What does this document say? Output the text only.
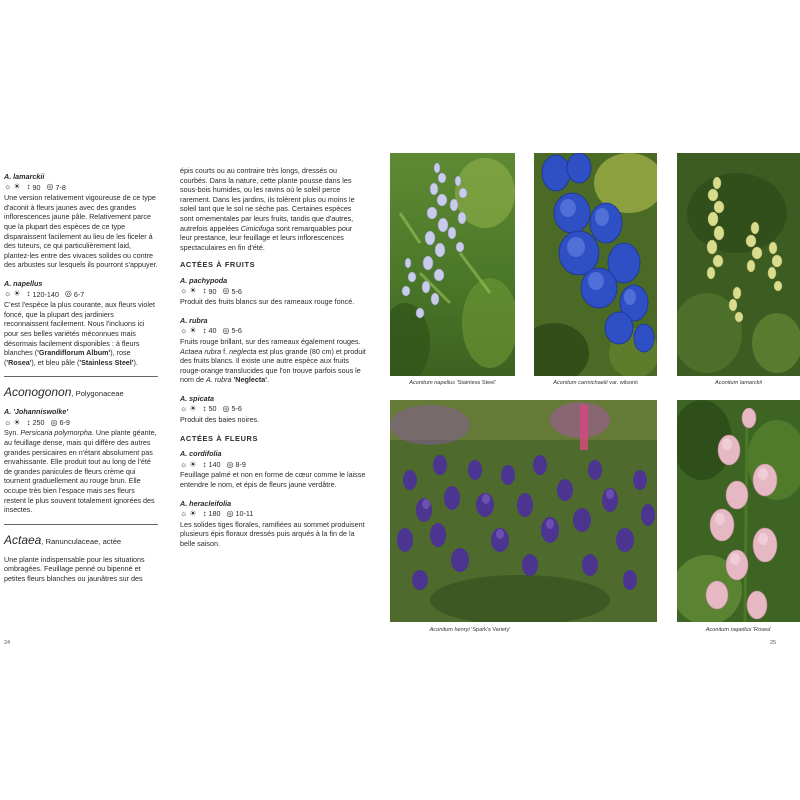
A. lamarckii
☼ ☀ ↕ 90 ◎ 7-8
Une version relativement vigoureuse de ce type d'aconit à fleurs jaunes avec des grandes inflorescences jaune pâle. Relativement parce que la plupart des espèces de ce type disparaissent facilement au lieu de les ficeler à des tuteurs, ce qui particulièrement laid, plantez-les entre des vivaces solides ou contre des arbustes sur lesquels ils pourront s'appuyer.
A. napellus
☼ ☀ ↕ 120-140 ◎ 6-7
C'est l'espèce la plus courante, aux fleurs violet foncé, que la plupart des jardiniers reconnaissent facilement. Nous l'incluons ici pour ses belles variétés méconnues mais désormais facilement disponibles : à fleurs blanches ('Grandiflorum Album'), rose ('Rosea'), et bleu pâle ('Stainless Steel').
Aconogonon, Polygonaceae
A. 'Johanniswolke'
☼ ☀ ↕ 250 ◎ 6-9
Syn. Persicaria polymorpha. Une plante géante, au feuillage dense, mais qui diffère des autres grandes persicaires en n'étant absolument pas envahissante. Elle produit tout au long de l'été de grandes panicules de fleurs crème qui tournent graduellement au rouge brun. Elle occupe très bien l'espace mais ses fleurs restent le plus souvent totalement ignorées des insectes.
Actaea, Ranunculaceae, actée
Une plante indispensable pour les situations ombragées. Feuillage penné ou bipenné et petites fleurs blanches ou jaunâtres sur des
épis courts ou au contraire très longs, dressés ou courbés. Dans la nature, cette plante pousse dans les sous-bois humides, ou les ravins où le soleil perce rarement. Dans les jardins, ils tolèrent plus ou moins le soleil tant que le sol ne sèche pas. Certaines espèces sont ornementales par leurs fruits, tandis que d'autres, autrefois appelées Cimicifuga sont remarquables pour leur prestance, leur feuillage et leurs inflorescences spectaculaires en fin d'été.
ACTÉES À FRUITS
A. pachypoda
☼ ☀ ↕ 90 ◎ 5-6
Produit des fruits blancs sur des rameaux rouge foncé.
A. rubra
☼ ☀ ↕ 40 ◎ 5-6
Fruits rouge brillant, sur des rameaux également rouges. Actaea rubra f. neglecta est plus grande (80 cm) et produit des fruits blancs. Il existe une autre espèce aux fruits rouge-orange translucides que l'on trouve parfois sous le nom de A. rubra 'Neglecta'.
A. spicata
☼ ☀ ↕ 50 ◎ 5-6
Produit des baies noires.
ACTÉES À FLEURS
A. cordifolia
☼ ☀ ↕ 140 ◎ 8-9
Feuillage palmé et non en forme de cœur comme le laisse entendre le nom, et épis de fleurs jaune verdâtre.
A. heracleifolia
☼ ☀ ↕ 180 ◎ 10-11
Les solides tiges florales, ramifiées au sommet produisent plusieurs épis floraux dressés puis arqués à la fin de la belle saison.
24
Aconitum napellus 'Stainless Steel'	Aconitum carmichaelii var. wilsonii	Aconitum lamarckii
Aconitum henryi 'Spark's Variety'	Aconitum napellus 'Rosea'
25
